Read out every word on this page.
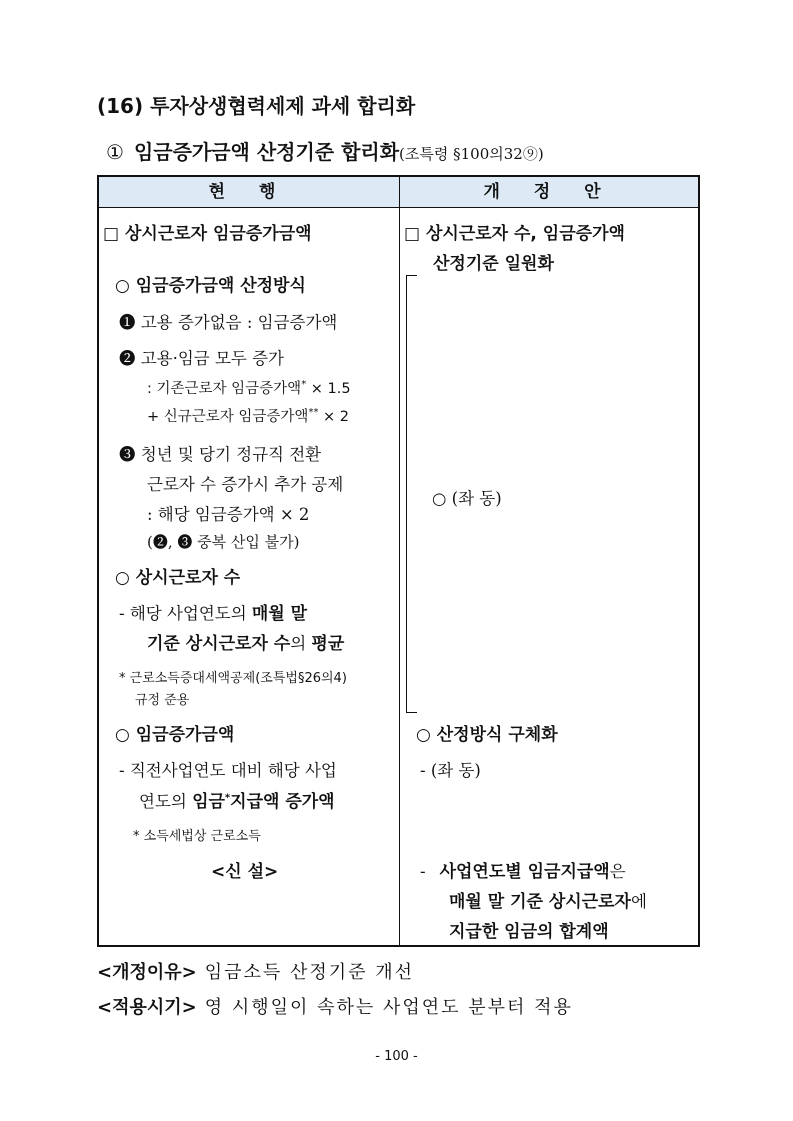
(16) 투자상생협력세제 과세 합리화
① 임금증가금액 산정기준 합리화(조특령 §100의32⑨)
현 행	개 정 안
□ 상시근로자 임금증가금액
○ 임금증가금액 산정방식
❶ 고용 증가없음 : 임금증가액
❷ 고용·임금 모두 증가
: 기존근로자 임금증가액* × 1.5
+ 신규근로자 임금증가액** × 2
❸ 청년 및 당기 정규직 전환
근로자 수 증가시 추가 공제
: 해당 임금증가액 × 2
(❷, ❸ 중복 산입 불가)
○ 상시근로자 수
- 해당 사업연도의 매월 말
기준 상시근로자 수의 평균
* 근로소득증대세액공제(조특법§26의4)
규정 준용
○ 임금증가금액
- 직전사업연도 대비 해당 사업
연도의 임금*지급액 증가액
* 소득세법상 근로소득
<신 설>
□ 상시근로자 수, 임금증가액
산정기준 일원화
○ (좌 동)
○ 산정방식 구체화
- (좌 동)
- 사업연도별 임금지급액은
매월 말 기준 상시근로자에
지급한 임금의 합계액
<개정이유> 임금소득 산정기준 개선
<적용시기> 영 시행일이 속하는 사업연도 분부터 적용
- 100 -
